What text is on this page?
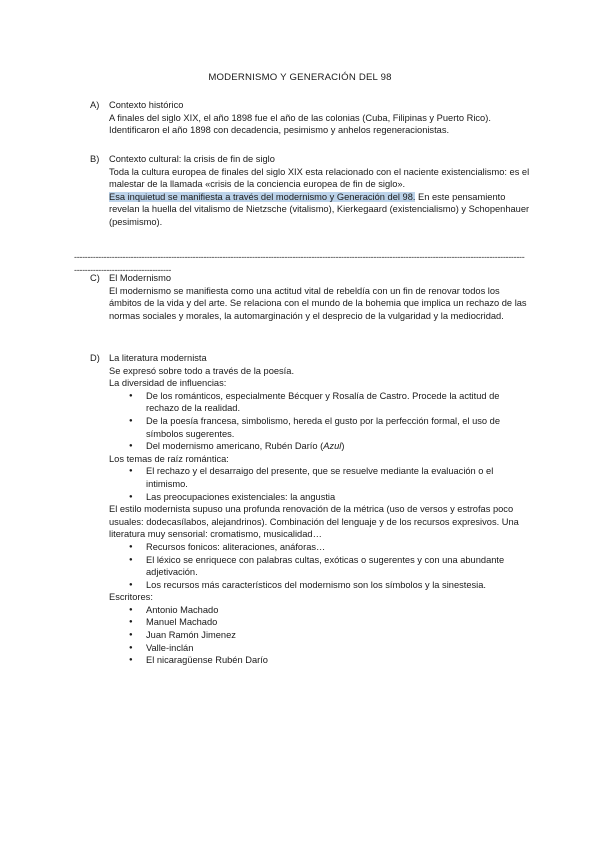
MODERNISMO Y GENERACIÓN DEL 98
A)	Contexto histórico
A finales del siglo XIX, el año 1898 fue el año de las colonias (Cuba, Filipinas y Puerto Rico).
Identificaron el año 1898 con decadencia, pesimismo y anhelos regeneracionistas.
B)	Contexto cultural: la crisis de fin de siglo
Toda la cultura europea de finales del siglo XIX esta relacionado con el naciente existencialismo: es el malestar de la llamada «crisis de la conciencia europea de fin de siglo».
Esa inquietud se manifiesta a través del modernismo y Generación del 98. En este pensamiento revelan la huella del vitalismo de Nietzsche (vitalismo), Kierkegaard (existencialismo) y Schopenhauer (pesimismo).
-----------------------------------------------------------------------------------------------------------------------------------------------------------------------------------------------------------
C) El Modernismo
El modernismo se manifiesta como una actitud vital de rebeldía con un fin de renovar todos los ámbitos de la vida y del arte. Se relaciona con el mundo de la bohemia que implica un rechazo de las normas sociales y morales, la automarginación y el desprecio de la vulgaridad y la mediocridad.
D) La literatura modernista
Se expresó sobre todo a través de la poesía.
La diversidad de influencias:
● De los románticos, especialmente Bécquer y Rosalía de Castro. Procede la actitud de rechazo de la realidad.
● De la poesía francesa, simbolismo, hereda el gusto por la perfección formal, el uso de símbolos sugerentes.
● Del modernismo americano, Rubén Darío (Azul)
Los temas de raíz romántica:
● El rechazo y el desarraigo del presente, que se resuelve mediante la evaluación o el intimismo.
● Las preocupaciones existenciales: la angustia
El estilo modernista supuso una profunda renovación de la métrica (uso de versos y estrofas poco usuales: dodecasílabos, alejandrinos). Combinación del lenguaje y de los recursos expresivos. Una literatura muy sensorial: cromatismo, musicalidad…
● Recursos fonicos: aliteraciones, anáforas…
● El léxico se enriquece con palabras cultas, exóticas o sugerentes y con una abundante adjetivación.
● Los recursos más característicos del modernismo son los símbolos y la sinestesia.
Escritores:
● Antonio Machado
● Manuel Machado
● Juan Ramón Jimenez
● Valle-inclán
● El nicaragüense Rubén Darío
